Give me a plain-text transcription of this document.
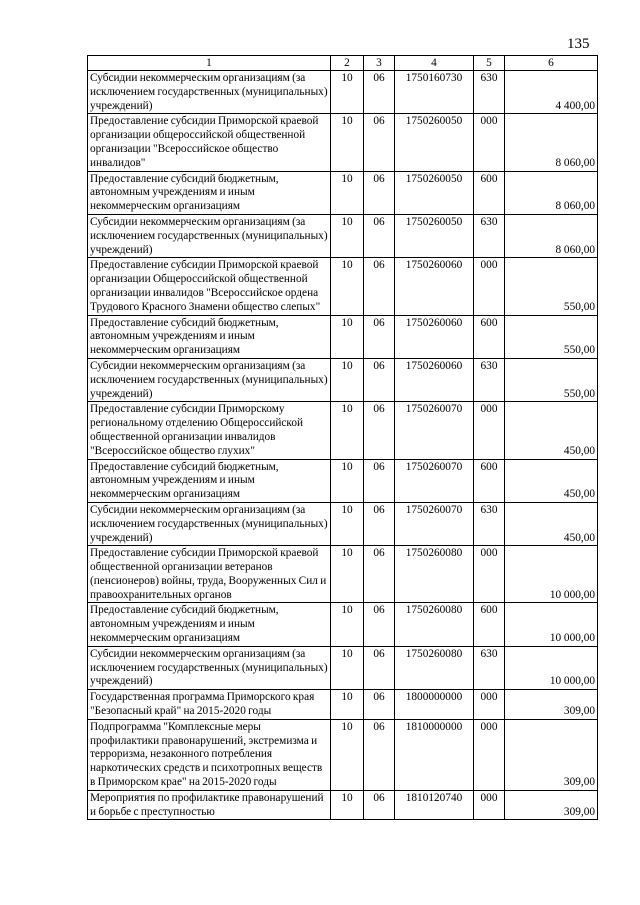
135
1	2	3	4	5	6
Субсидии некоммерческим организациям (за исключением государственных (муниципальных) учреждений)	10	06	1750160730	630	4 400,00
Предоставление субсидии Приморской краевой организации общероссийской общественной организации "Всероссийское общество инвалидов"	10	06	1750260050	000	8 060,00
Предоставление субсидий бюджетным, автономным учреждениям и иным некоммерческим организациям	10	06	1750260050	600	8 060,00
Субсидии некоммерческим организациям (за исключением государственных (муниципальных) учреждений)	10	06	1750260050	630	8 060,00
Предоставление субсидии Приморской краевой организации Общероссийской общественной организации инвалидов "Всероссийское ордена Трудового Красного Знамени общество слепых"	10	06	1750260060	000	550,00
Предоставление субсидий бюджетным, автономным учреждениям и иным некоммерческим организациям	10	06	1750260060	600	550,00
Субсидии некоммерческим организациям (за исключением государственных (муниципальных) учреждений)	10	06	1750260060	630	550,00
Предоставление субсидии Приморскому региональному отделению Общероссийской общественной организации инвалидов "Всероссийское общество глухих"	10	06	1750260070	000	450,00
Предоставление субсидий бюджетным, автономным учреждениям и иным некоммерческим организациям	10	06	1750260070	600	450,00
Субсидии некоммерческим организациям (за исключением государственных (муниципальных) учреждений)	10	06	1750260070	630	450,00
Предоставление субсидии Приморской краевой общественной организации ветеранов (пенсионеров) войны, труда, Вооруженных Сил и правоохранительных органов	10	06	1750260080	000	10 000,00
Предоставление субсидий бюджетным, автономным учреждениям и иным некоммерческим организациям	10	06	1750260080	600	10 000,00
Субсидии некоммерческим организациям (за исключением государственных (муниципальных) учреждений)	10	06	1750260080	630	10 000,00
Государственная программа Приморского края "Безопасный край" на 2015-2020 годы	10	06	1800000000	000	309,00
Подпрограмма "Комплексные меры профилактики правонарушений, экстремизма и терроризма, незаконного потребления наркотических средств и психотропных веществ в Приморском крае" на 2015-2020 годы	10	06	1810000000	000	309,00
Мероприятия по профилактике правонарушений и борьбе с преступностью	10	06	1810120740	000	309,00
